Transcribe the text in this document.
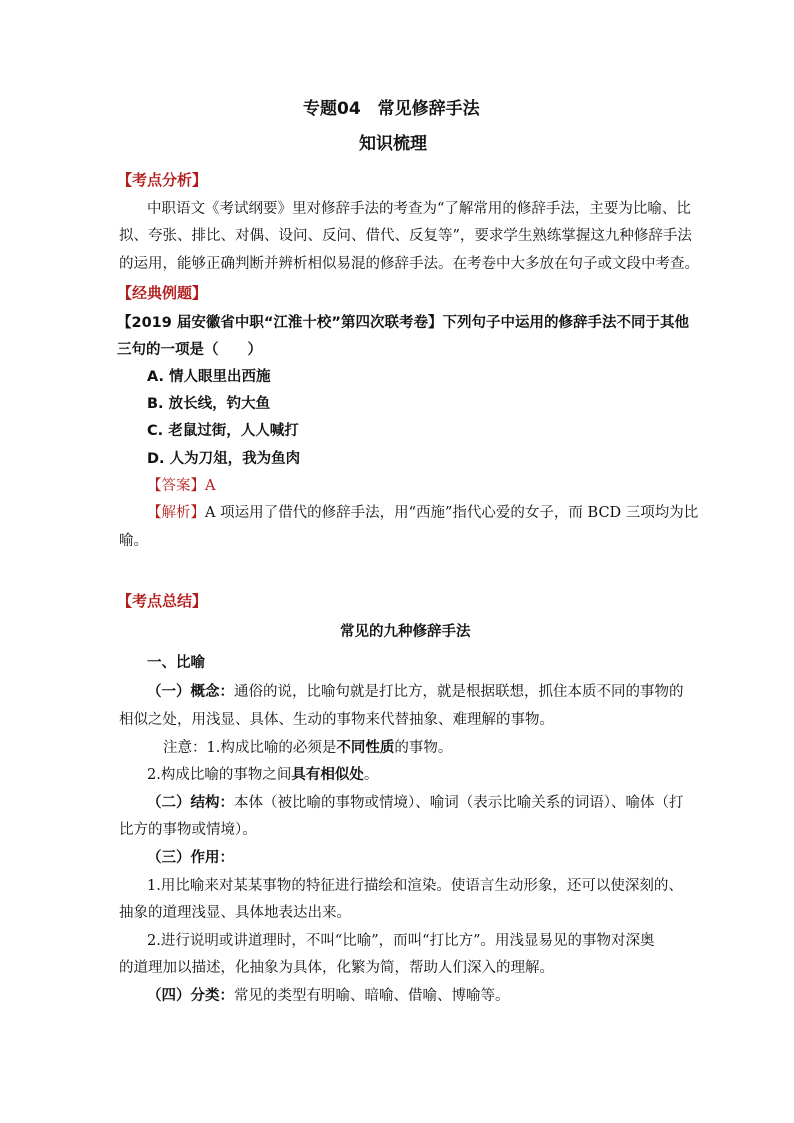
专题04　常见修辞手法
知识梳理
【考点分析】
中职语文《考试纲要》里对修辞手法的考查为“了解常用的修辞手法，主要为比喻、比
拟、夸张、排比、对偶、设问、反问、借代、反复等”，要求学生熟练掌握这九种修辞手法
的运用，能够正确判断并辨析相似易混的修辞手法。在考卷中大多放在句子或文段中考查。
【经典例题】
【2019 届安徽省中职“江淮十校”第四次联考卷】下列句子中运用的修辞手法不同于其他
三句的一项是（　　）
A. 情人眼里出西施
B. 放长线，钓大鱼
C. 老鼠过街，人人喊打
D. 人为刀俎，我为鱼肉
【答案】A
【解析】A 项运用了借代的修辞手法，用“西施”指代心爱的女子，而 BCD 三项均为比
喻。
【考点总结】
常见的九种修辞手法
一、比喻
（一）概念：通俗的说，比喻句就是打比方，就是根据联想，抓住本质不同的事物的
相似之处，用浅显、具体、生动的事物来代替抽象、难理解的事物。
注意：1.构成比喻的必须是不同性质的事物。
2.构成比喻的事物之间具有相似处。
（二）结构：本体（被比喻的事物或情境）、喻词（表示比喻关系的词语）、喻体（打
比方的事物或情境）。
（三）作用：
1.用比喻来对某某事物的特征进行描绘和渲染。使语言生动形象，还可以使深刻的、
抽象的道理浅显、具体地表达出来。
2.进行说明或讲道理时，不叫“比喻”，而叫“打比方”。用浅显易见的事物对深奥
的道理加以描述，化抽象为具体，化繁为简，帮助人们深入的理解。
（四）分类：常见的类型有明喻、暗喻、借喻、博喻等。
